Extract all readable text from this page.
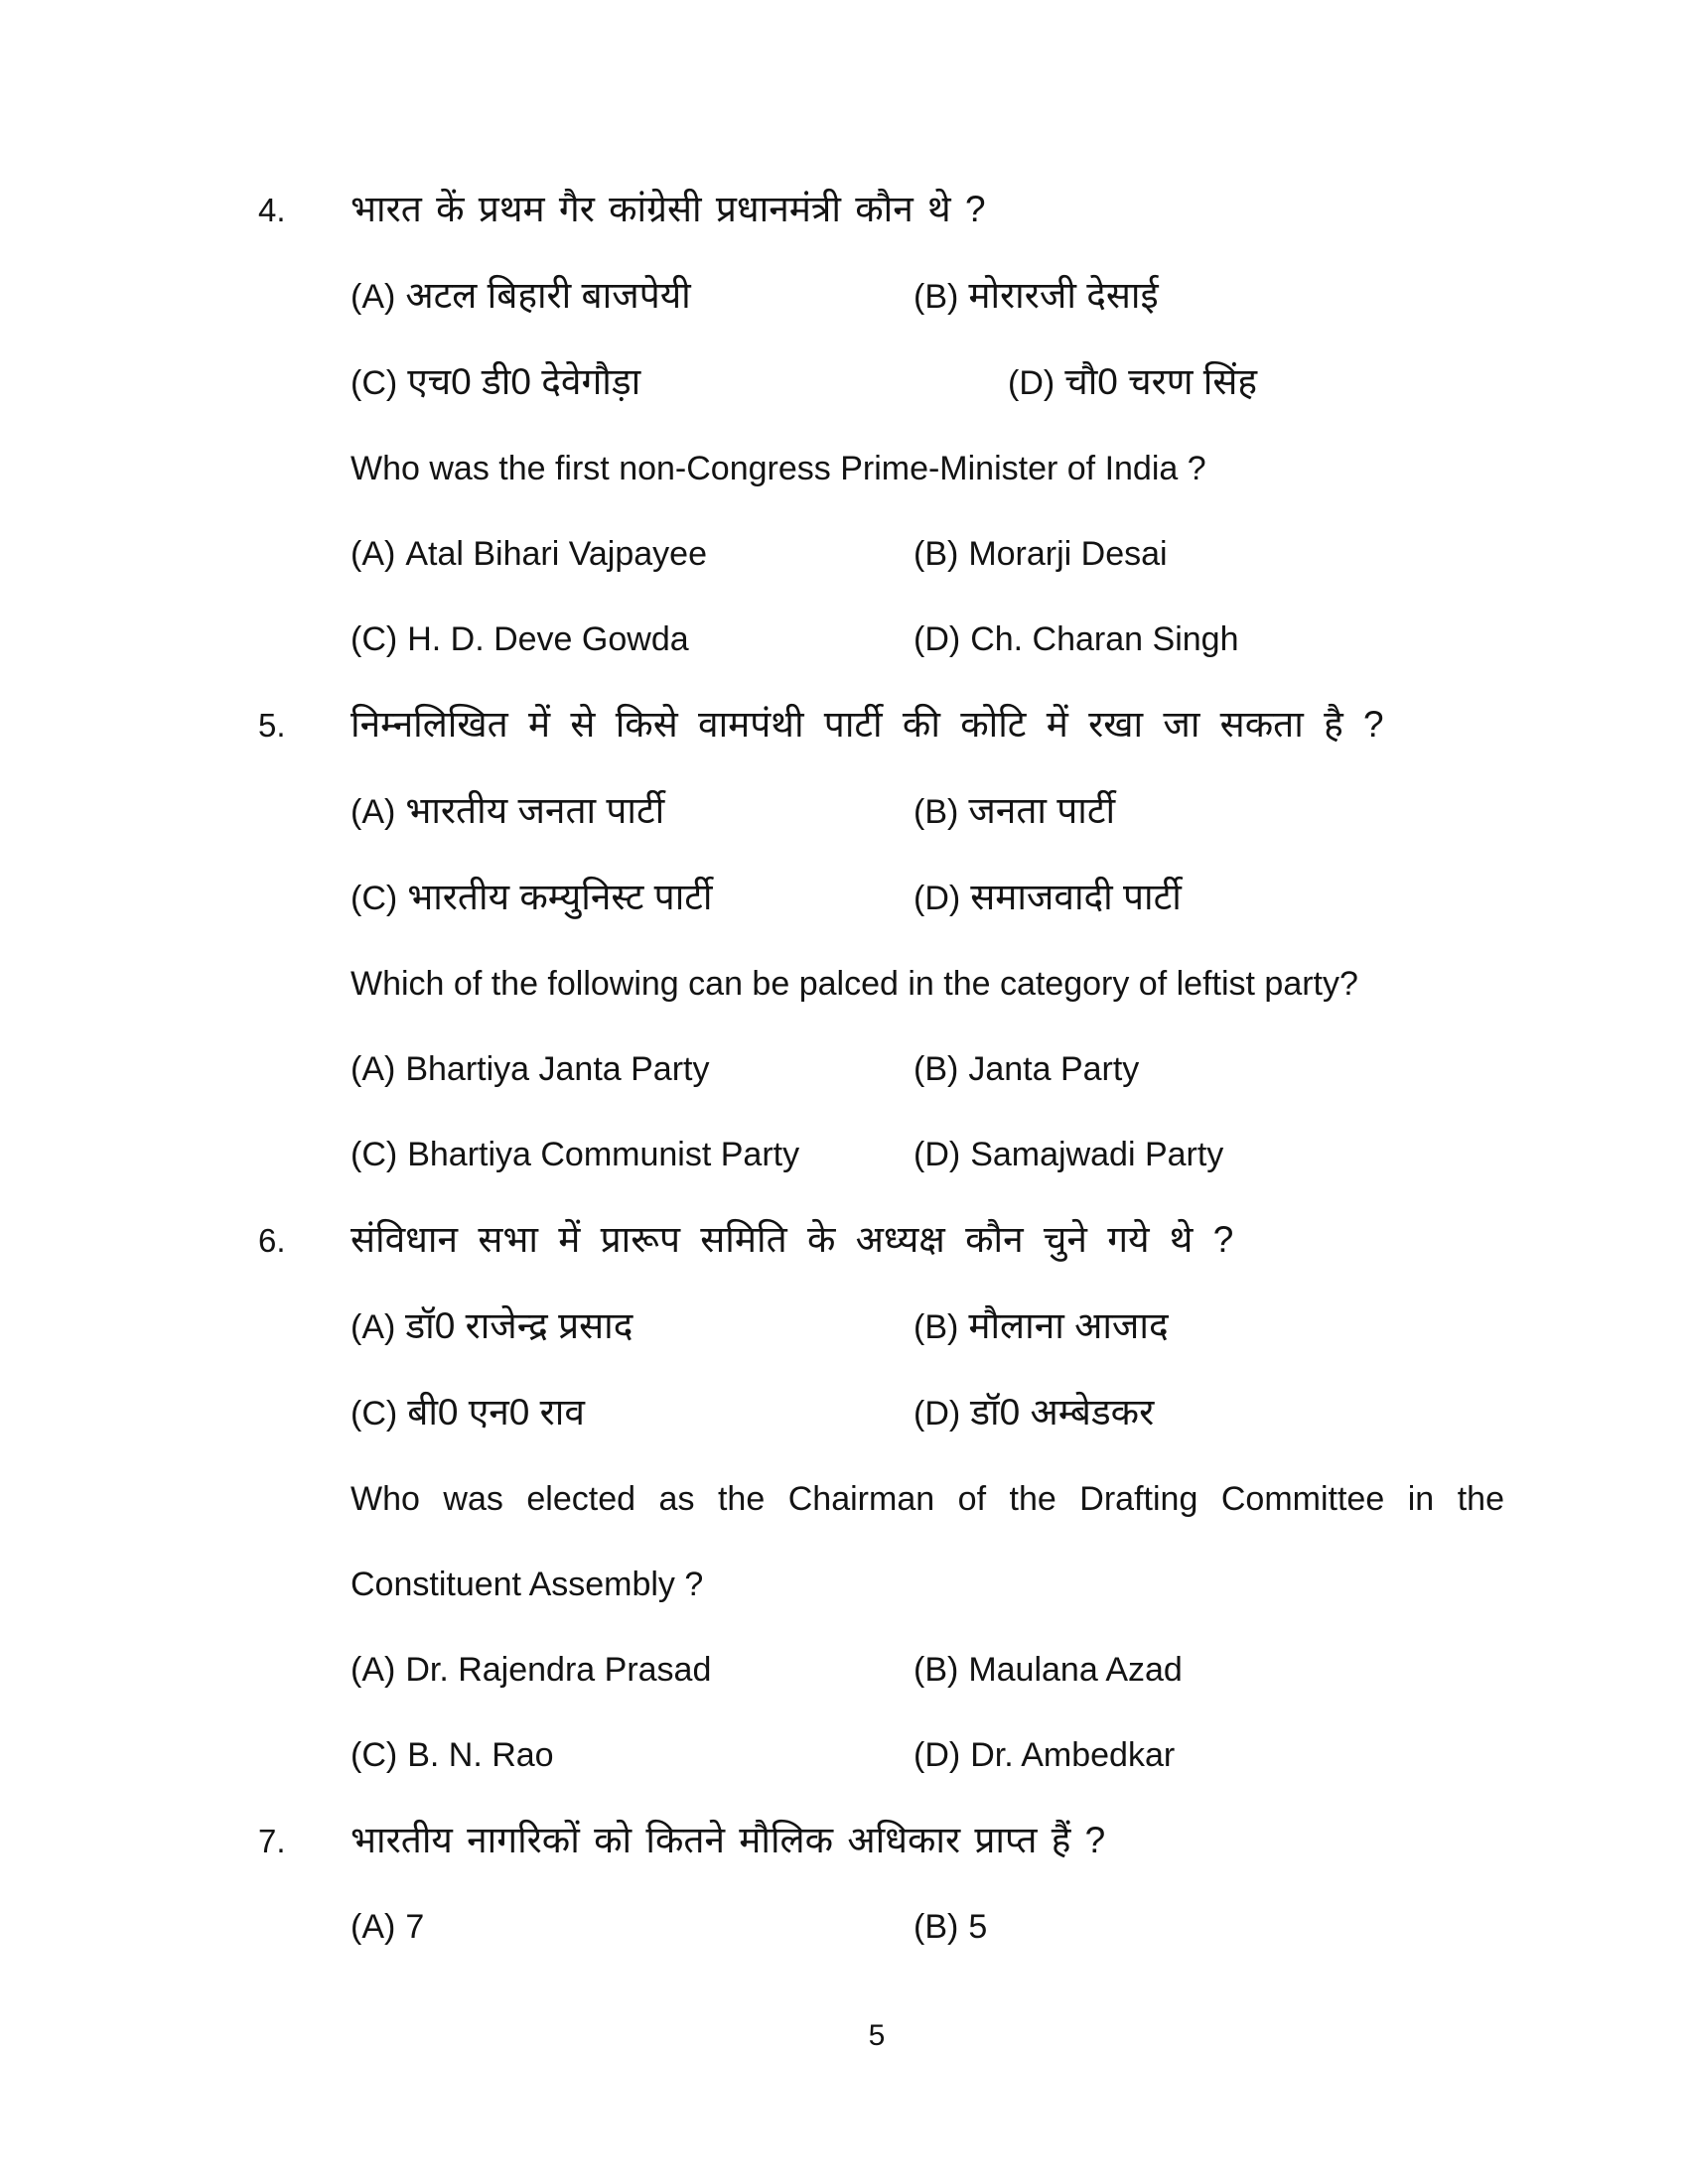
4. भारत कें प्रथम गैर कांग्रेसी प्रधानमंत्री कौन थे ?
(A) अटल बिहारी बाजपेयी	(B) मोरारजी देसाई
(C) एच0 डी0 देवेगौड़ा	(D) चौ0 चरण सिंह
Who was the first non-Congress Prime-Minister of India ?
(A) Atal Bihari Vajpayee	(B) Morarji Desai
(C) H. D. Deve Gowda	(D) Ch. Charan Singh
5. निम्नलिखित में से किसे वामपंथी पार्टी की कोटि में रखा जा सकता है ?
(A) भारतीय जनता पार्टी	(B) जनता पार्टी
(C) भारतीय कम्युनिस्ट पार्टी	(D) समाजवादी पार्टी
Which of the following can be palced in the category of leftist party?
(A) Bhartiya Janta Party	(B) Janta Party
(C) Bhartiya Communist Party	(D) Samajwadi Party
6. संविधान सभा में प्रारूप समिति के अध्यक्ष कौन चुने गये थे ?
(A) डॉ0 राजेन्द्र प्रसाद	(B) मौलाना आजाद
(C) बी0 एन0 राव	(D) डॉ0 अम्बेडकर
Who was elected as the Chairman of the Drafting Committee in the
Constituent Assembly ?
(A) Dr. Rajendra Prasad	(B) Maulana Azad
(C) B. N. Rao	(D) Dr. Ambedkar
7. भारतीय नागरिकों को कितने मौलिक अधिकार प्राप्त हैं ?
(A) 7	(B) 5
5
